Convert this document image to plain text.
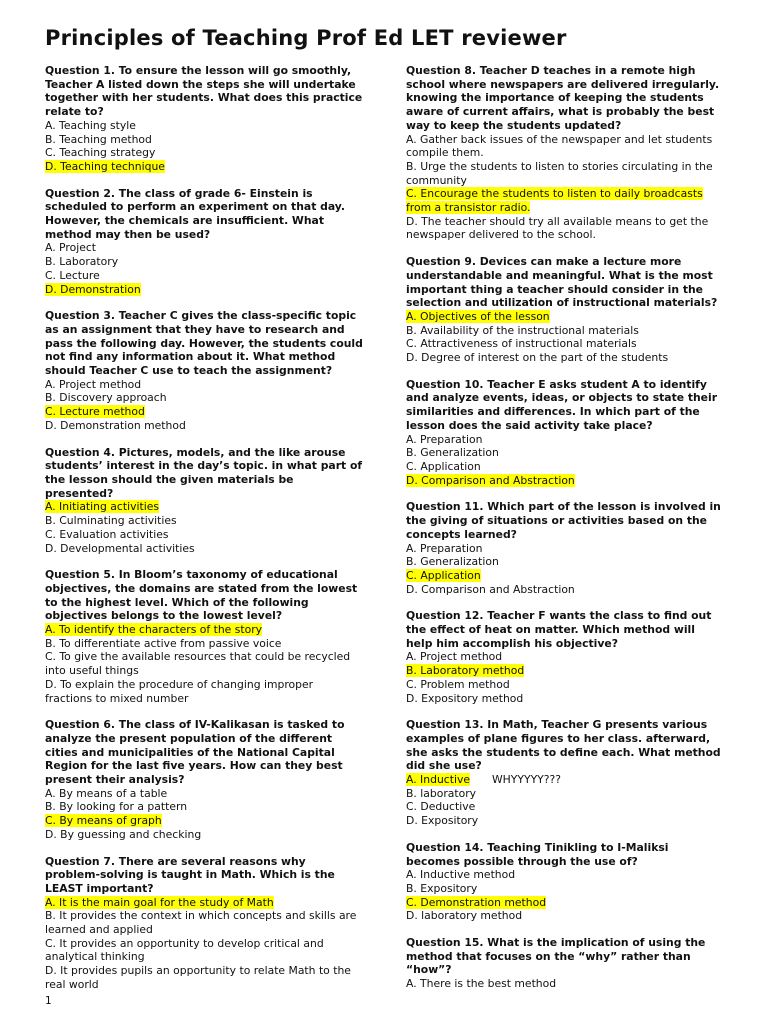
Principles of Teaching Prof Ed LET reviewer

Question 1. To ensure the lesson will go smoothly, Teacher A listed down the steps she will undertake together with her students. What does this practice relate to?

A. Teaching style

B. Teaching method

C. Teaching strategy

D. Teaching technique

Question 2. The class of grade 6- Einstein is scheduled to perform an experiment on that day. However, the chemicals are insufficient. What method may then be used?

A. Project

B. Laboratory

C. Lecture

D. Demonstration

Question 3. Teacher C gives the class-specific topic as an assignment that they have to research and pass the following day. However, the students could not find any information about it. What method should Teacher C use to teach the assignment?

A. Project method

B. Discovery approach

C. Lecture method

D. Demonstration method

Question 4. Pictures, models, and the like arouse students’ interest in the day’s topic. in what part of the lesson should the given materials be presented?

A. Initiating activities

B. Culminating activities

C. Evaluation activities

D. Developmental activities

Question 5. In Bloom’s taxonomy of educational objectives, the domains are stated from the lowest to the highest level. Which of the following objectives belongs to the lowest level?

A. To identify the characters of the story

B. To differentiate active from passive voice

C. To give the available resources that could be recycled into useful things

D. To explain the procedure of changing improper fractions to mixed number

Question 6. The class of IV-Kalikasan is tasked to analyze the present population of the different cities and municipalities of the National Capital Region for the last five years. How can they best present their analysis?

A. By means of a table

B. By looking for a pattern

C. By means of graph

D. By guessing and checking

Question 7. There are several reasons why problem-solving is taught in Math. Which is the LEAST important?

A. It is the main goal for the study of Math

B. It provides the context in which concepts and skills are learned and applied

C. It provides an opportunity to develop critical and analytical thinking

D. It provides pupils an opportunity to relate Math to the real world

Question 8. Teacher D teaches in a remote high school where newspapers are delivered irregularly. knowing the importance of keeping the students aware of current affairs, what is probably the best way to keep the students updated?

A. Gather back issues of the newspaper and let students compile them.

B. Urge the students to listen to stories circulating in the community

C. Encourage the students to listen to daily broadcasts from a transistor radio.

D. The teacher should try all available means to get the newspaper delivered to the school.

Question 9. Devices can make a lecture more understandable and meaningful. What is the most important thing a teacher should consider in the selection and utilization of instructional materials?

A. Objectives of the lesson

B. Availability of the instructional materials

C. Attractiveness of instructional materials

D. Degree of interest on the part of the students

Question 10. Teacher E asks student A to identify and analyze events, ideas, or objects to state their similarities and differences. In which part of the lesson does the said activity take place?

A. Preparation

B. Generalization

C. Application

D. Comparison and Abstraction

Question 11. Which part of the lesson is involved in the giving of situations or activities based on the concepts learned?

A. Preparation

B. Generalization

C. Application

D. Comparison and Abstraction

Question 12. Teacher F wants the class to find out the effect of heat on matter. Which method will help him accomplish his objective?

A. Project method

B. Laboratory method

C. Problem method

D. Expository method

Question 13. In Math, Teacher G presents various examples of plane figures to her class. afterward, she asks the students to define each. What method did she use?

A. Inductive WHYYYYY???

B. laboratory

C. Deductive

D. Expository

Question 14. Teaching Tinikling to I-Maliksi becomes possible through the use of?

A. Inductive method

B. Expository

C. Demonstration method

D. laboratory method

Question 15. What is the implication of using the method that focuses on the “why” rather than “how”?

A. There is the best method

1
